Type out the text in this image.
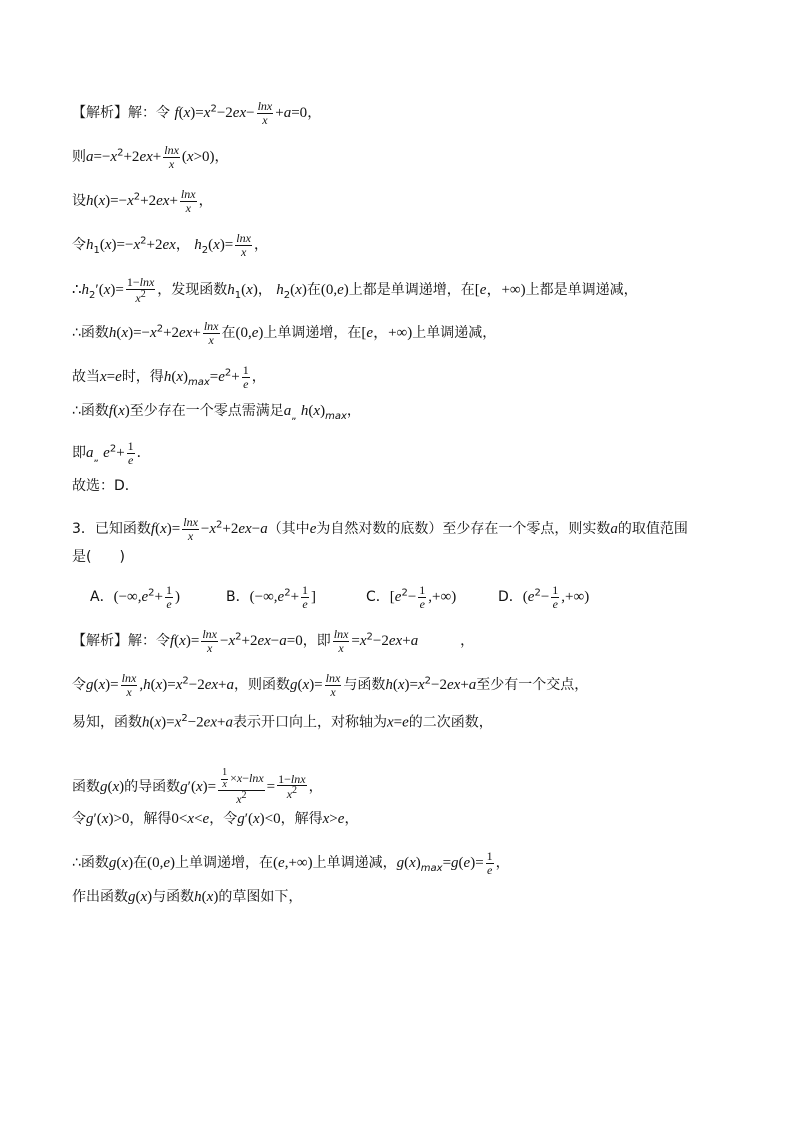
【解析】解：令 $f(x)=x^2-2ex- \frac{\ln x}{x} +a=0$，
则$a=-x^2+2ex+ \frac{\ln x}{x} (x>0)$，
设$h(x)=-x^2+2ex+ \frac{\ln x}{x}$ ，
令$h_1(x)=-x^2+2ex$， $h_2(x)= \frac{\ln x}{x}$ ，
$\therefore h_2'(x)= \frac{1-\ln x}{x^2}$ ，发现函数$h_1(x)$， $h_2(x)$在(0,e)上都是单调递增，在[e，+∞)上都是单调递减，
∴函数$h(x)=-x^2+2ex+ \frac{\ln x}{x}$ 在(0,e)上单调递增，在[e，+∞)上单调递减，
故当x=e时，得$h(x)_{max}=e^2+ \frac{1}{e}$ ，
∴函数f(x)至少存在一个零点需满足$a_„$ $h(x)_{max}$，
即$a_„$ $e^2+ \frac{1}{e}$ ．
故选：D．
3．已知函数$f(x)= \frac{\ln x}{x} -x^2+2ex-a$（其中e为自然对数的底数）至少存在一个零点，则实数a的取值范围
是(　　)
A．($-\infty,e^2+ \frac{1}{e}$ )	B．($-\infty,e^2+ \frac{1}{e}$ ]	C．[$e^2- \frac{1}{e}$ ,+∞)	D．($e^2- \frac{1}{e}$ ,+∞)
【解析】解：令$f(x)= \frac{\ln x}{x} -x^2+2ex-a=0$，即 $\frac{\ln x}{x} =x^2-2ex+a$　　　，
令$g(x)= \frac{\ln x}{x} ,h(x)=x^2-2ex+a$，则函数$g(x)= \frac{\ln x}{x}$ 与函数$h(x)=x^2-2ex+a$至少有一个交点，
易知，函数$h(x)=x^2-2ex+a$表示开口向上，对称轴为x=e的二次函数，
函数g(x)的导函数$g'(x)= \frac{\frac{1}{x} \times x-\ln x}{x^2} = \frac{1-\ln x}{x^2}$ ，
令g′(x)>0，解得0<x<e，令g′(x)<0，解得x>e，
∴函数g(x)在(0,e)上单调递增，在(e,+∞)上单调递减，$g(x)_{max}=g(e)= \frac{1}{e}$ ，
作出函数g(x)与函数h(x)的草图如下，
